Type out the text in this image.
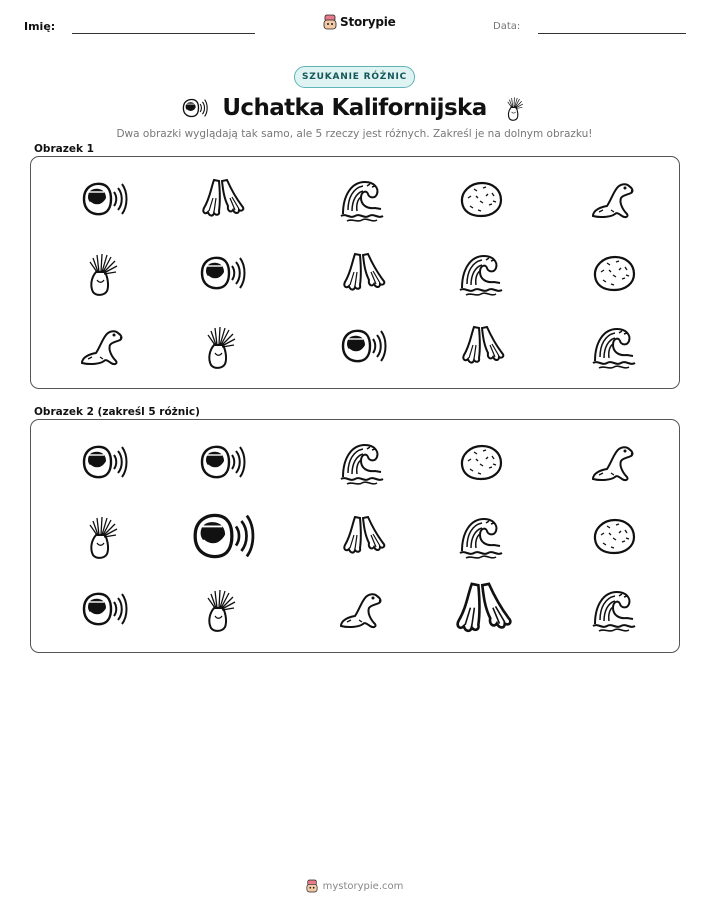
Imię:	Storypie	Data:
SZUKANIE RÓŻNIC
Uchatka Kalifornijska
Dwa obrazki wyglądają tak samo, ale 5 rzeczy jest różnych. Zakreśl je na dolnym obrazku!
Obrazek 1
Obrazek 2 (zakreśl 5 różnic)
mystorypie.com
